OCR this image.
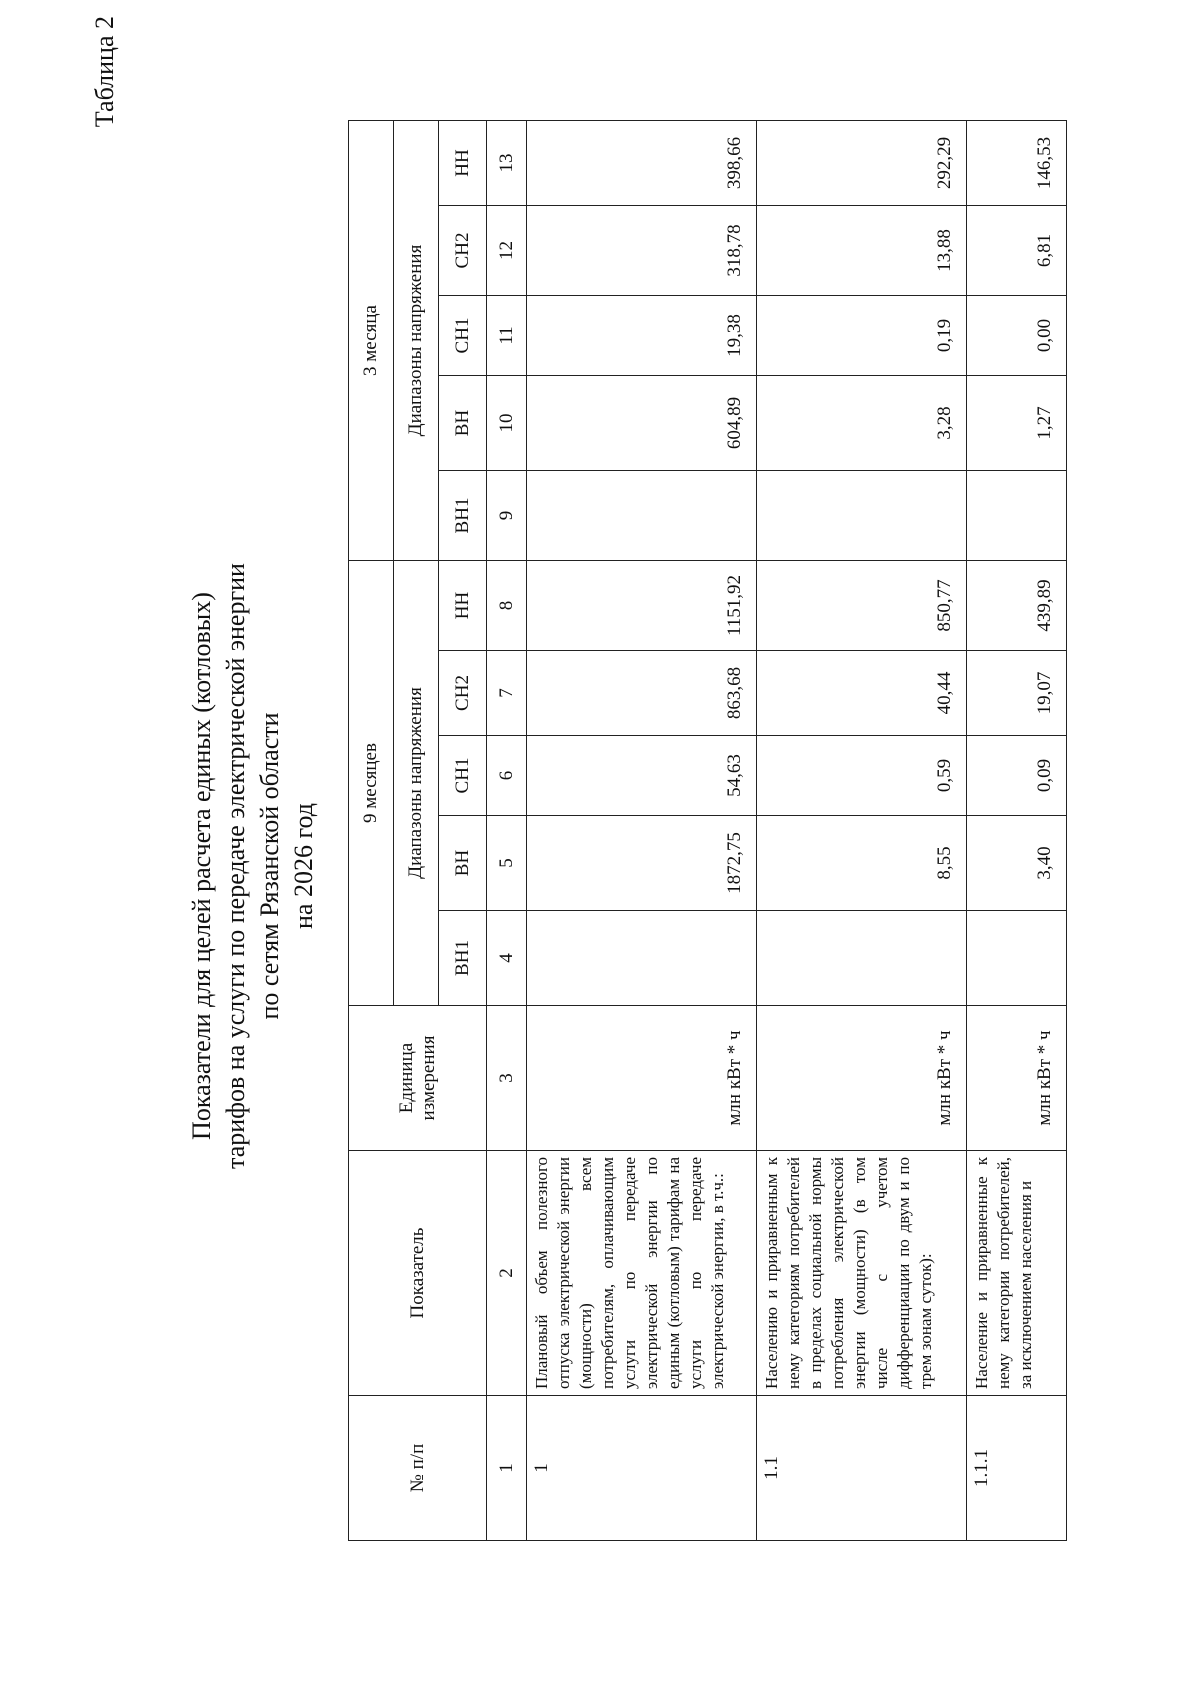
Таблица 2
Показатели для целей расчета единых (котловых) тарифов на услуги по передаче электрической энергии по сетям Рязанской области на 2026 год
№ п/п	Показатель	Единица измерения	9 месяцев					3 месяца				
			Диапазоны напряжения					Диапазоны напряжения				
			ВН1	ВН	СН1	СН2	НН	ВН1	ВН	СН1	СН2	НН
1	2	3	4	5	6	7	8	9	10	11	12	13
1	Плановый объем полезного отпуска электрической энергии (мощности) всем потребителям, оплачивающим услуги по передаче электрической энергии по единым (котловым) тарифам на услуги по передаче электрической энергии, в т.ч.:	млн кВт * ч		1872,75	54,63	863,68	1151,92		604,89	19,38	318,78	398,66
1.1	Населению и приравненным к нему категориям потребителей в пределах социальной нормы потребления электрической энергии (мощности) (в том числе с учетом дифференциации по двум и по трем зонам суток):	млн кВт * ч		8,55	0,59	40,44	850,77		3,28	0,19	13,88	292,29
1.1.1	Население и приравненные к нему категории потребителей, за исключением населения и	млн кВт * ч		3,40	0,09	19,07	439,89		1,27	0,00	6,81	146,53
